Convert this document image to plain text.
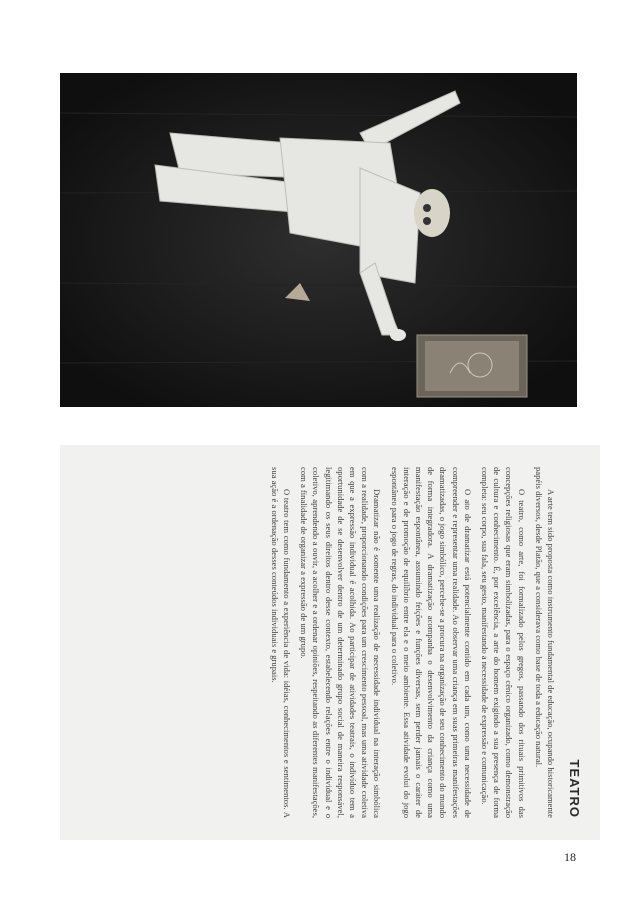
TEATRO

A arte tem sido proposta como instrumento fundamental de educação, ocupando historicamente papéis diversos, desde Platão, que a considerava como base de toda a educação natural.

O teatro, como arte, foi formalizado pelos gregos, passando dos rituais primitivos das concepções religiosas que eram simbolizadas, para o espaço cênico organizado, como demonstração de cultura e conhecimento. É, por excelência, a arte do homem exigindo a sua presença de forma completa: seu corpo, sua fala, seu gesto, manifestando a necessidade de expressão e comunicação.

O ato de dramatizar está potencialmente contido em cada um, como uma necessidade de compreender e representar uma realidade. Ao observar uma criança em suas primeiras manifestações dramatizadas, o jogo simbólico, percebe-se a procura na organização de seu conhecimento do mundo de forma integradora. A dramatização acompanha o desenvolvimento da criança como uma manifestação espontânea, assumindo feições e funções diversas, sem perder jamais o caráter de interação e de promoção de equilíbrio entre ela e o meio ambiente. Essa atividade evolui do jogo espontâneo para o jogo de regras, do individual para o coletivo.

Dramatizar não é somente uma realização de necessidade individual na interação simbólica com a realidade, proporcionando condições para um crescimento pessoal, mas uma atividade coletiva em que a expressão individual é acolhida. Ao participar de atividades teatrais, o indivíduo tem a oportunidade de se desenvolver dentro de um determinado grupo social de maneira responsável, legitimando os seus direitos dentro desse contexto, estabelecendo relações entre o individual e o coletivo, aprendendo a ouvir, a acolher e a ordenar opiniões, respeitando as diferentes manifestações, com a finalidade de organizar a expressão de um grupo.

O teatro tem como fundamento a experiência de vida: idéias, conhecimentos e sentimentos. A sua ação é a ordenação desses conteúdos individuais e grupais.

18
